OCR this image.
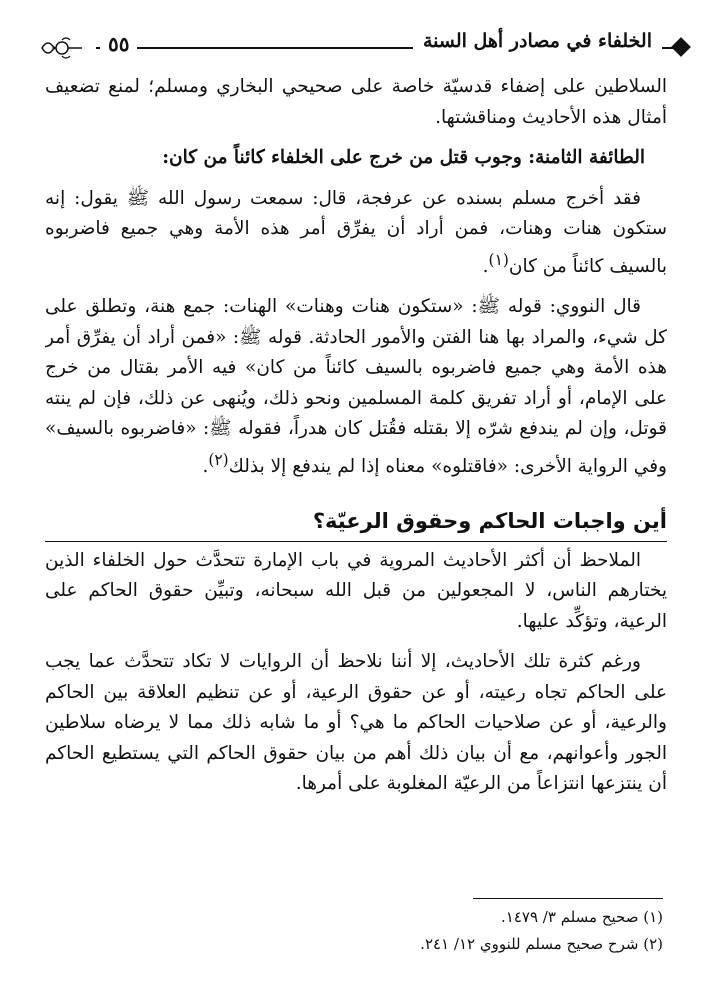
٥٥	الخلفاء في مصادر أهل السنة

السلاطين على إضفاء قدسيّة خاصة على صحيحي البخاري ومسلم؛ لمنع تضعيف أمثال هذه الأحاديث ومناقشتها.

الطائفة الثامنة: وجوب قتل من خرج على الخلفاء كائناً من كان:

فقد أخرج مسلم بسنده عن عرفجة، قال: سمعت رسول الله ﷺ يقول: إنه ستكون هنات وهنات، فمن أراد أن يفرِّق أمر هذه الأمة وهي جميع فاضربوه بالسيف كائناً من كان$^{(١)}$.

قال النووي: قوله ﷺ: «ستكون هنات وهنات» الهنات: جمع هنة، وتطلق على كل شيء، والمراد بها هنا الفتن والأمور الحادثة. قوله ﷺ: «فمن أراد أن يفرِّق أمر هذه الأمة وهي جميع فاضربوه بالسيف كائناً من كان» فيه الأمر بقتال من خرج على الإمام، أو أراد تفريق كلمة المسلمين ونحو ذلك، ويُنهى عن ذلك، فإن لم ينته قوتل، وإن لم يندفع شرّه إلا بقتله فقُتل كان هدراً، فقوله ﷺ: «فاضربوه بالسيف» وفي الرواية الأخرى: «فاقتلوه» معناه إذا لم يندفع إلا بذلك$^{(٢)}$.

أين واجبات الحاكم وحقوق الرعيّة؟

الملاحظ أن أكثر الأحاديث المروية في باب الإمارة تتحدَّث حول الخلفاء الذين يختارهم الناس، لا المجعولين من قبل الله سبحانه، وتبيِّن حقوق الحاكم على الرعية، وتؤكِّد عليها.

ورغم كثرة تلك الأحاديث، إلا أننا نلاحظ أن الروايات لا تكاد تتحدَّث عما يجب على الحاكم تجاه رعيته، أو عن حقوق الرعية، أو عن تنظيم العلاقة بين الحاكم والرعية، أو عن صلاحيات الحاكم ما هي؟ أو ما شابه ذلك مما لا يرضاه سلاطين الجور وأعوانهم، مع أن بيان ذلك أهم من بيان حقوق الحاكم التي يستطيع الحاكم أن ينتزعها انتزاعاً من الرعيّة المغلوبة على أمرها.

(١) صحيح مسلم ٣/ ١٤٧٩.
(٢) شرح صحيح مسلم للنووي ١٢/ ٢٤١.
